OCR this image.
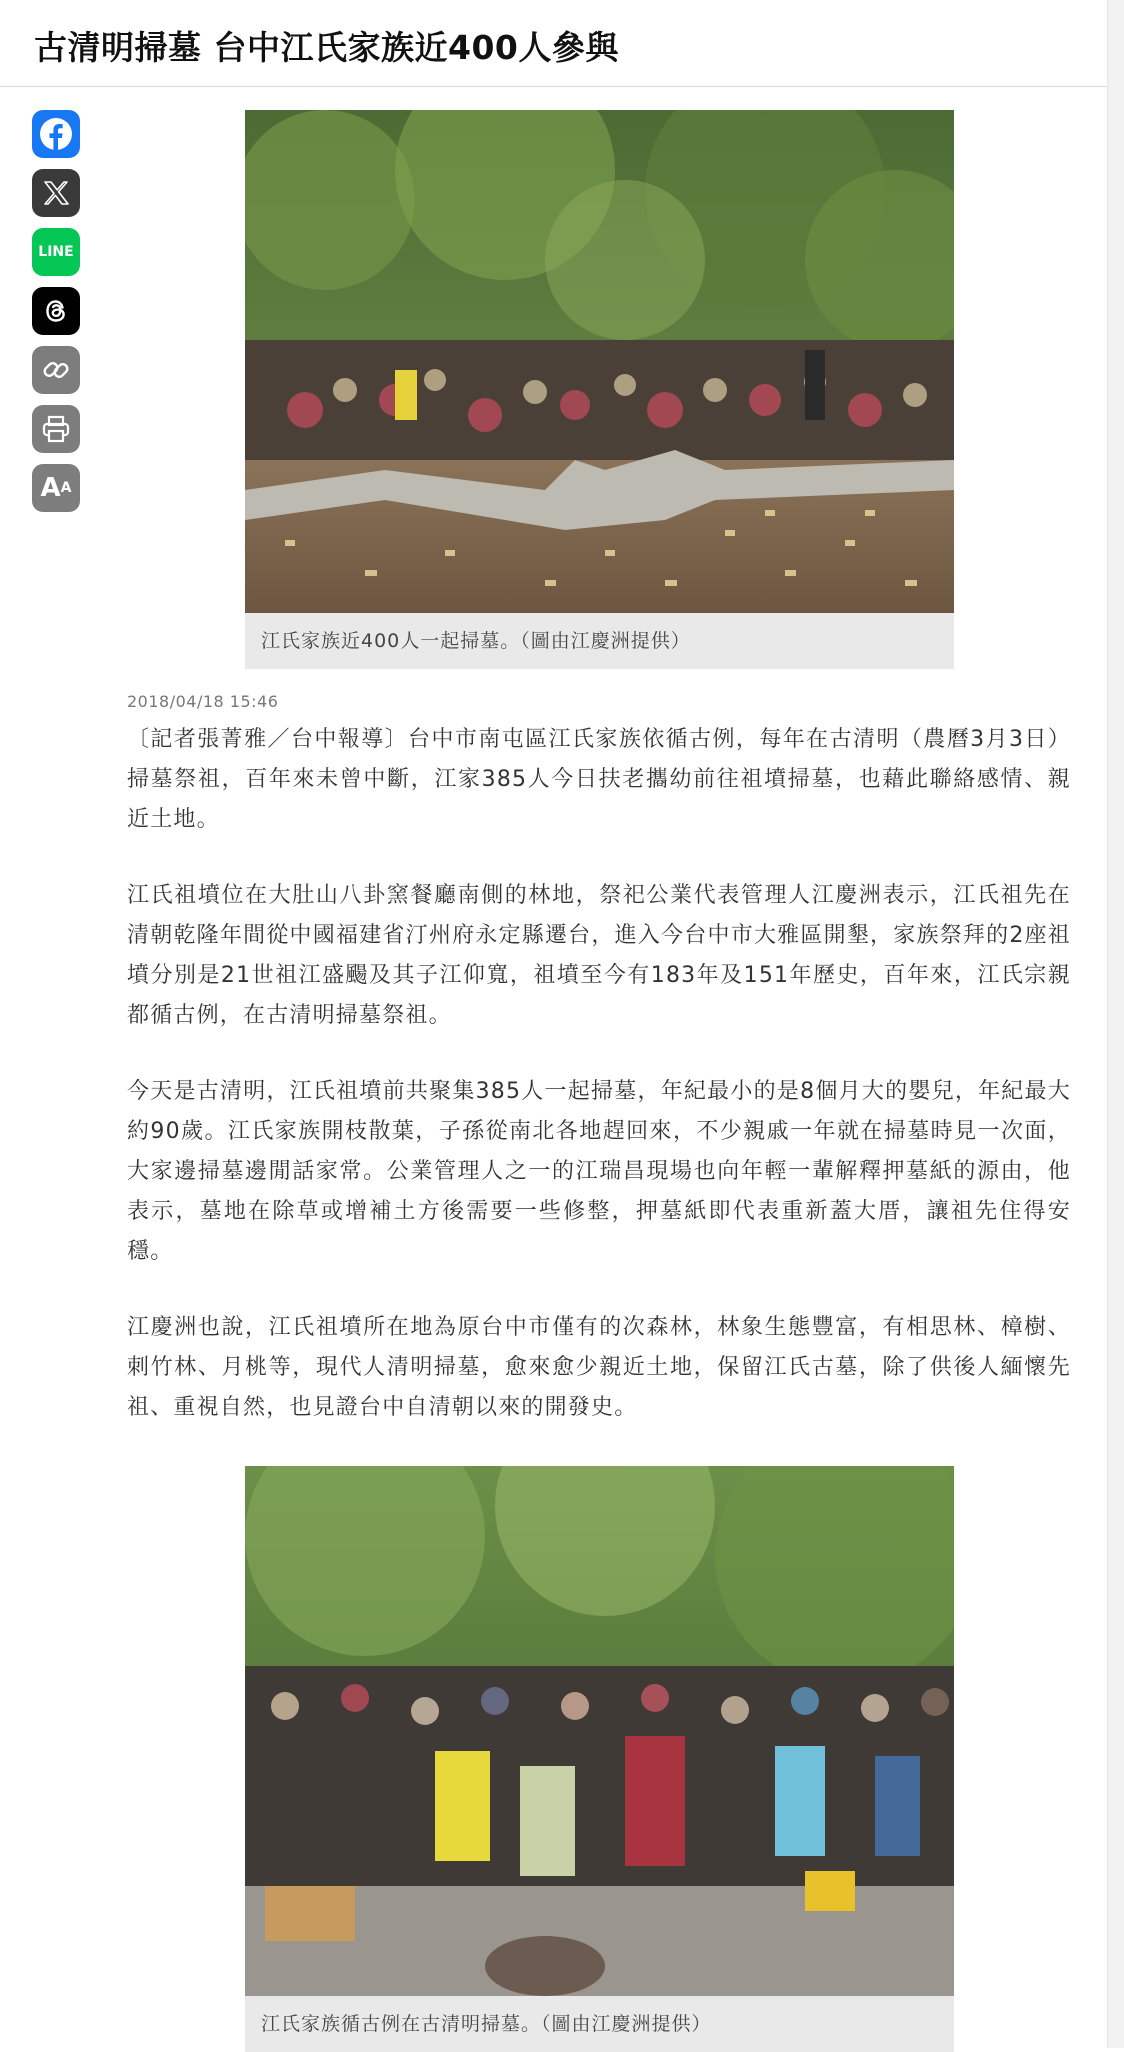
古清明掃墓 台中江氏家族近400人參與
LINE
$A^A$
江氏家族近400人一起掃墓。（圖由江慶洲提供）
2018/04/18 15:46

〔記者張菁雅／台中報導〕台中市南屯區江氏家族依循古例，每年在古清明（農曆3月3日）掃墓祭祖，百年來未曾中斷，江家385人今日扶老攜幼前往祖墳掃墓，也藉此聯絡感情、親近土地。

江氏祖墳位在大肚山八卦窯餐廳南側的林地，祭祀公業代表管理人江慶洲表示，江氏祖先在清朝乾隆年間從中國福建省汀州府永定縣遷台，進入今台中市大雅區開墾，家族祭拜的2座祖墳分別是21世祖江盛颺及其子江仰寬，祖墳至今有183年及151年歷史，百年來，江氏宗親都循古例，在古清明掃墓祭祖。

今天是古清明，江氏祖墳前共聚集385人一起掃墓，年紀最小的是8個月大的嬰兒，年紀最大約90歲。江氏家族開枝散葉，子孫從南北各地趕回來，不少親戚一年就在掃墓時見一次面，大家邊掃墓邊閒話家常。公業管理人之一的江瑞昌現場也向年輕一輩解釋押墓紙的源由，他表示，墓地在除草或增補土方後需要一些修整，押墓紙即代表重新蓋大厝，讓祖先住得安穩。

江慶洲也說，江氏祖墳所在地為原台中市僅有的次森林，林象生態豐富，有相思林、樟樹、刺竹林、月桃等，現代人清明掃墓，愈來愈少親近土地，保留江氏古墓，除了供後人緬懷先祖、重視自然，也見證台中自清朝以來的開發史。

江氏家族循古例在古清明掃墓。（圖由江慶洲提供）
